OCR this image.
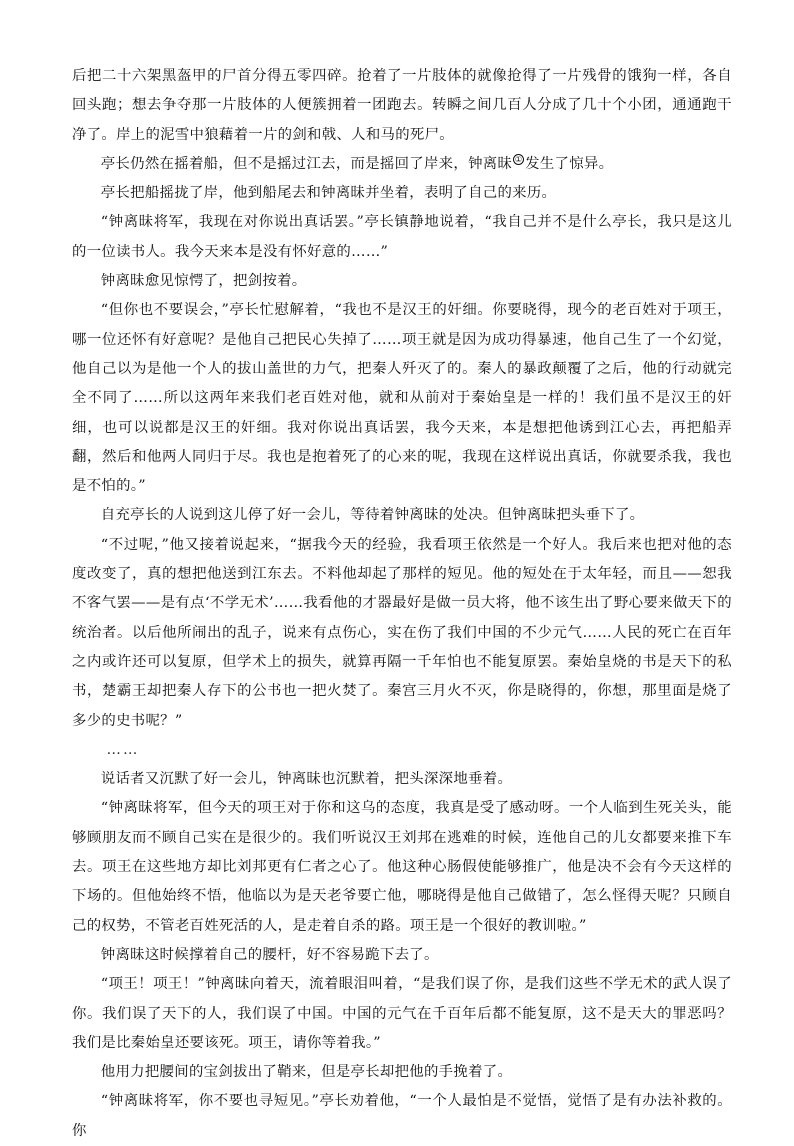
后把二十六架黑盔甲的尸首分得五零四碎。抢着了一片肢体的就像抢得了一片残骨的饿狗一样，各自回头跑；想去争夺那一片肢体的人便簇拥着一团跑去。转瞬之间几百人分成了几十个小团，通通跑干净了。岸上的泥雪中狼藉着一片的剑和戟、人和马的死尸。

亭长仍然在摇着船，但不是摇过江去，而是摇回了岸来，钟离昧 ① 发生了惊异。

亭长把船摇拢了岸，他到船尾去和钟离昧并坐着，表明了自己的来历。

“钟离昧将军，我现在对你说出真话罢。”亭长镇静地说着，“我自己并不是什么亭长，我只是这儿的一位读书人。我今天来本是没有怀好意的……”

钟离昧愈见惊愕了，把剑按着。

“但你也不要误会，”亭长忙慰解着，“我也不是汉王的奸细。你要晓得，现今的老百姓对于项王，哪一位还怀有好意呢？是他自己把民心失掉了……项王就是因为成功得暴速，他自己生了一个幻觉，他自己以为是他一个人的拔山盖世的力气，把秦人歼灭了的。秦人的暴政颠覆了之后，他的行动就完全不同了……所以这两年来我们老百姓对他，就和从前对于秦始皇是一样的！我们虽不是汉王的奸细，也可以说都是汉王的奸细。我对你说出真话罢，我今天来，本是想把他诱到江心去，再把船弄翻，然后和他两人同归于尽。我也是抱着死了的心来的呢，我现在这样说出真话，你就要杀我，我也是不怕的。”

自充亭长的人说到这儿停了好一会儿，等待着钟离昧的处决。但钟离昧把头垂下了。

“不过呢，”他又接着说起来，“据我今天的经验，我看项王依然是一个好人。我后来也把对他的态度改变了，真的想把他送到江东去。不料他却起了那样的短见。他的短处在于太年轻，而且——恕我不客气罢——是有点‘不学无术’……我看他的才器最好是做一员大将，他不该生出了野心要来做天下的统治者。以后他所闹出的乱子，说来有点伤心，实在伤了我们中国的不少元气……人民的死亡在百年之内或许还可以复原，但学术上的损失，就算再隔一千年怕也不能复原罢。秦始皇烧的书是天下的私书，楚霸王却把秦人存下的公书也一把火焚了。秦宫三月火不灭，你是晓得的，你想，那里面是烧了多少的史书呢？”

……

说话者又沉默了好一会儿，钟离昧也沉默着，把头深深地垂着。

“钟离昧将军，但今天的项王对于你和这乌的态度，我真是受了感动呀。一个人临到生死关头，能够顾朋友而不顾自己实在是很少的。我们听说汉王刘邦在逃难的时候，连他自己的儿女都要来推下车去。项王在这些地方却比刘邦更有仁者之心了。他这种心肠假使能够推广，他是决不会有今天这样的下场的。但他始终不悟，他临以为是天老爷要亡他，哪晓得是他自己做错了，怎么怪得天呢？只顾自己的权势，不管老百姓死活的人，是走着自杀的路。项王是一个很好的教训啦。”

钟离昧这时候撑着自己的腰杆，好不容易跪下去了。

“项王！项王！”钟离昧向着天，流着眼泪叫着，“是我们误了你，是我们这些不学无术的武人误了你。我们误了天下的人，我们误了中国。中国的元气在千百年后都不能复原，这不是天大的罪恶吗？我们是比秦始皇还要该死。项王，请你等着我。”

他用力把腰间的宝剑拔出了鞘来，但是亭长却把他的手挽着了。

“钟离昧将军，你不要也寻短见。”亭长劝着他，“一个人最怕是不觉悟，觉悟了是有办法补救的。你
